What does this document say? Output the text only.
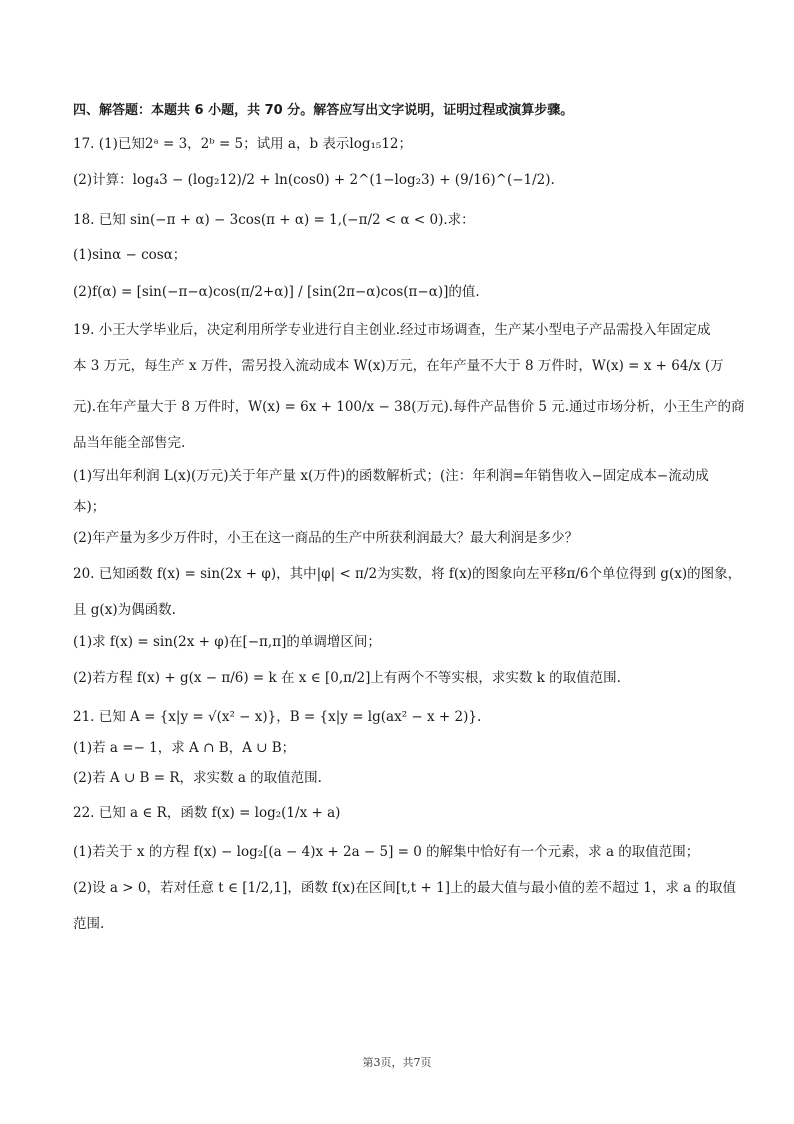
四、解答题：本题共 6 小题，共 70 分。解答应写出文字说明，证明过程或演算步骤。
17. (1)已知2ᵃ = 3，2ᵇ = 5；试用 a，b 表示log₁₅12；
(2)计算：log₄3 − (log₂12)/2 + ln(cos0) + 2^(1−log₂3) + (9/16)^(−1/2).
18. 已知 sin(−π + α) − 3cos(π + α) = 1,(−π/2 < α < 0).求：
(1)sinα − cosα；
(2)f(α) = [sin(−π−α)cos(π/2+α)] / [sin(2π−α)cos(π−α)]的值.
19. 小王大学毕业后，决定利用所学专业进行自主创业.经过市场调查，生产某小型电子产品需投入年固定成
本 3 万元，每生产 x 万件，需另投入流动成本 W(x)万元，在年产量不大于 8 万件时，W(x) = x + 64/x (万
元).在年产量大于 8 万件时，W(x) = 6x + 100/x − 38(万元).每件产品售价 5 元.通过市场分析，小王生产的商
品当年能全部售完.
(1)写出年利润 L(x)(万元)关于年产量 x(万件)的函数解析式；(注：年利润=年销售收入−固定成本−流动成
本)；
(2)年产量为多少万件时，小王在这一商品的生产中所获利润最大？最大利润是多少？
20. 已知函数 f(x) = sin(2x + φ)，其中|φ| < π/2为实数，将 f(x)的图象向左平移π/6个单位得到 g(x)的图象，
且 g(x)为偶函数.
(1)求 f(x) = sin(2x + φ)在[−π,π]的单调增区间；
(2)若方程 f(x) + g(x − π/6) = k 在 x ∈ [0,π/2]上有两个不等实根，求实数 k 的取值范围.
21. 已知 A = {x|y = √(x² − x)}，B = {x|y = lg(ax² − x + 2)}.
(1)若 a =− 1，求 A ∩ B，A ∪ B；
(2)若 A ∪ B = R，求实数 a 的取值范围.
22. 已知 a ∈ R，函数 f(x) = log₂(1/x + a)
(1)若关于 x 的方程 f(x) − log₂[(a − 4)x + 2a − 5] = 0 的解集中恰好有一个元素，求 a 的取值范围；
(2)设 a > 0，若对任意 t ∈ [1/2,1]，函数 f(x)在区间[t,t + 1]上的最大值与最小值的差不超过 1，求 a 的取值
范围.
第3页，共7页
